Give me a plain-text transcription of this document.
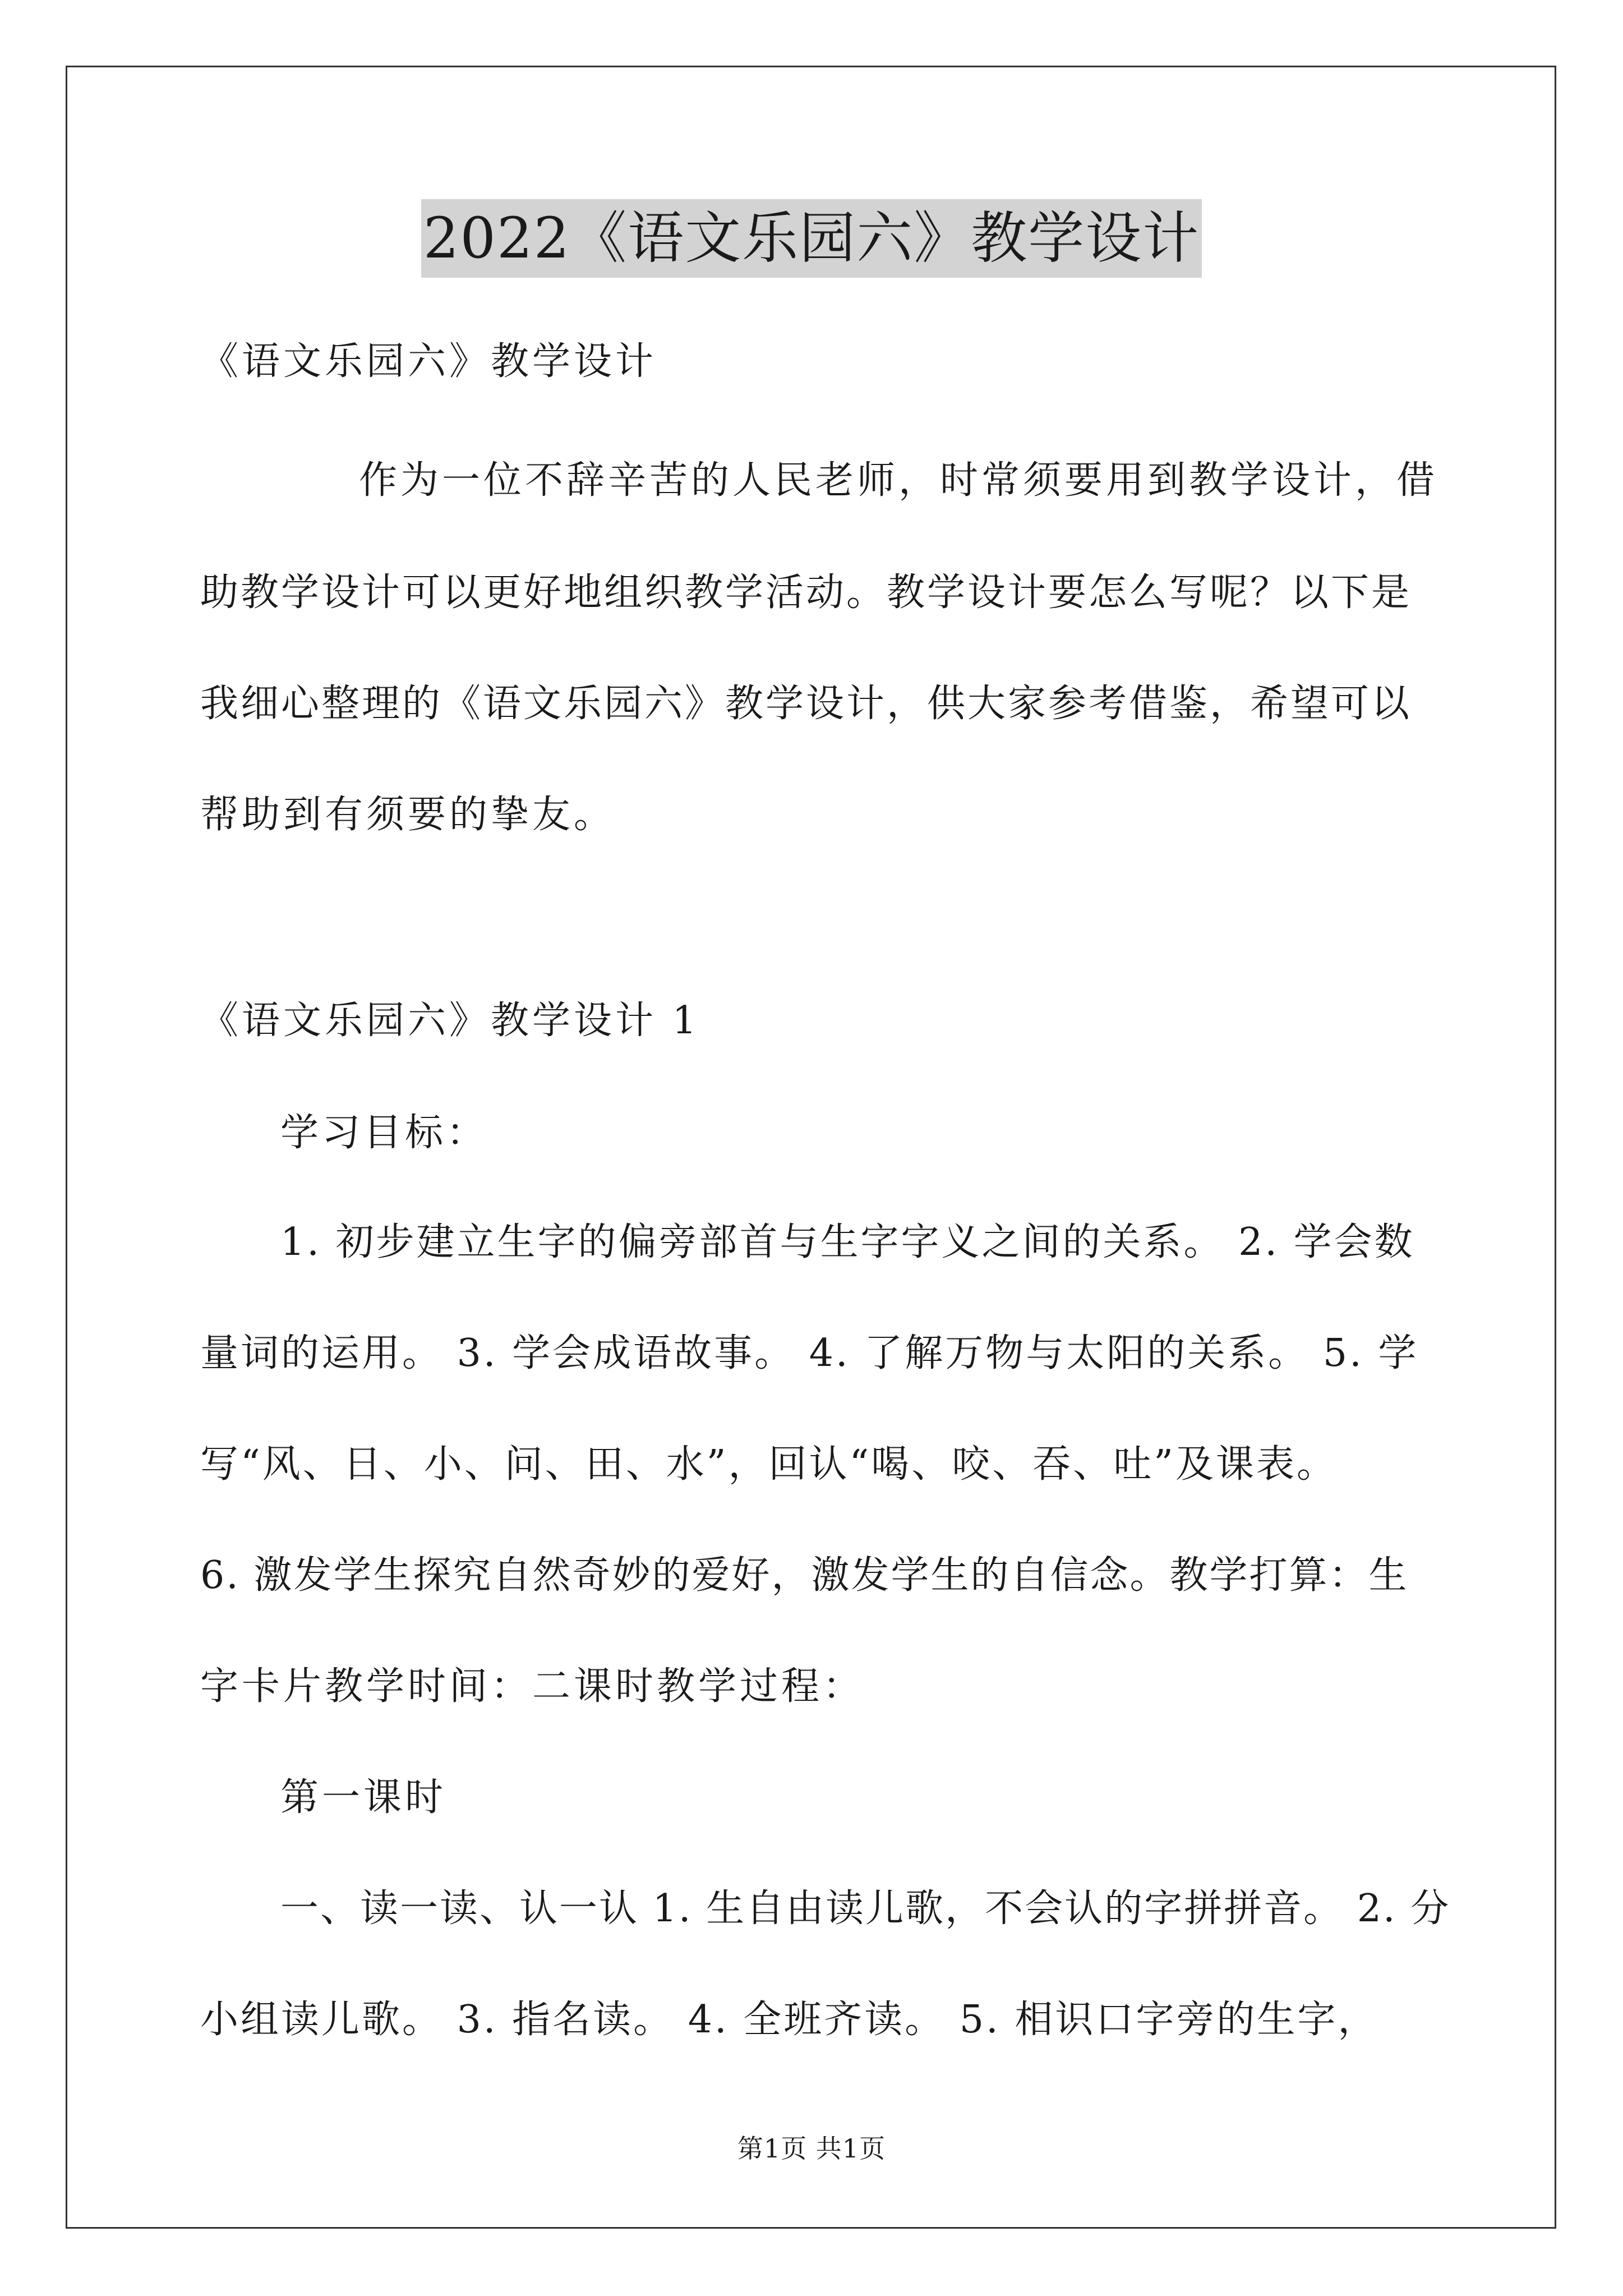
2022《语文乐园六》教学设计
《语文乐园六》教学设计
作为一位不辞辛苦的人民老师，时常须要用到教学设计，借
助教学设计可以更好地组织教学活动。教学设计要怎么写呢？以下是
我细心整理的《语文乐园六》教学设计，供大家参考借鉴，希望可以
帮助到有须要的挚友。
《语文乐园六》教学设计 1
学习目标：
1. 初步建立生字的偏旁部首与生字字义之间的关系。 2. 学会数
量词的运用。 3. 学会成语故事。 4. 了解万物与太阳的关系。 5. 学
写“风、日、小、问、田、水”，回认“喝、咬、吞、吐”及课表。
6. 激发学生探究自然奇妙的爱好，激发学生的自信念。教学打算：生
字卡片教学时间：二课时教学过程：
第一课时
一、读一读、认一认 1. 生自由读儿歌，不会认的字拼拼音。 2. 分
小组读儿歌。 3. 指名读。 4. 全班齐读。 5. 相识口字旁的生字，
第1页 共1页
